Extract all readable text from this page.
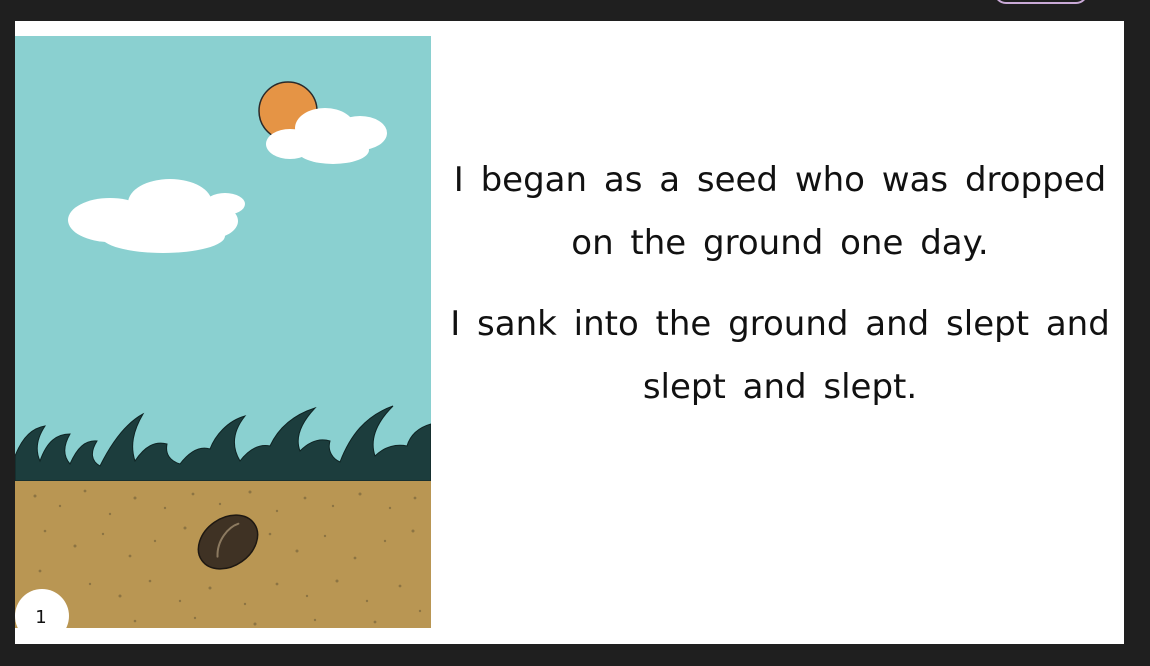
1

I began as a seed who was dropped on the ground one day.

I sank into the ground and slept and slept and slept.
